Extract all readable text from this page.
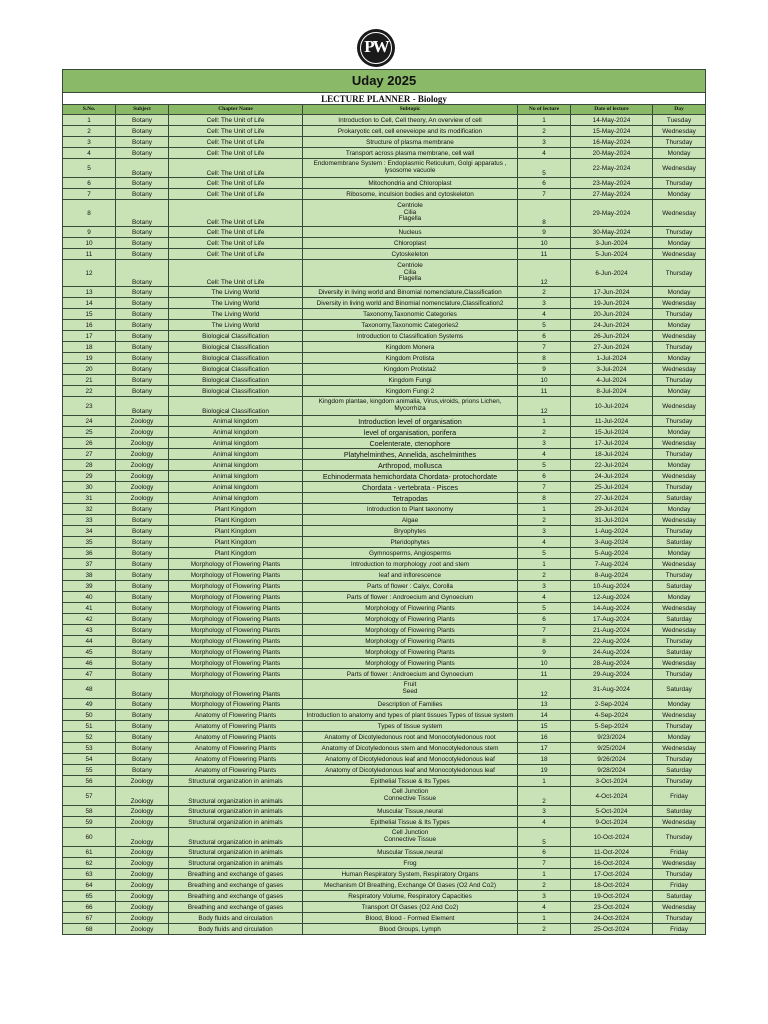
PW
Uday 2025						
LECTURE PLANNER - Biology						
S.No.	Subject	Chapter Name	Subtopic	No of lecture	Date of lecture	Day
1	Botany	Cell: The Unit of Life	Introduction to Cell, Cell theory, An overview of cell	1	14-May-2024	Tuesday
2	Botany	Cell: The Unit of Life	Prokaryotic cell, cell eneveiope and its modification	2	15-May-2024	Wednesday
3	Botany	Cell: The Unit of Life	Structure of plasma membrane	3	16-May-2024	Thursday
4	Botany	Cell: The Unit of Life	Transport across plasma membrane, cell wall	4	20-May-2024	Monday
5	Botany	Cell: The Unit of Life	Endomembrane System : Endoplasmic Reticulum, Golgi apparatus ,
lysosome vacuole	5	22-May-2024	Wednesday
6	Botany	Cell: The Unit of Life	Mitochondria and Chloroplast	6	23-May-2024	Thursday
7	Botany	Cell: The Unit of Life	Ribosome, inculsion bodies and cytoskeleton	7	27-May-2024	Monday
8	Botany	Cell: The Unit of Life	Centriole
Cilia
Flagella	8	29-May-2024	Wednesday
9	Botany	Cell: The Unit of Life	Nucleus	9	30-May-2024	Thursday
10	Botany	Cell: The Unit of Life	Chloroplast	10	3-Jun-2024	Monday
11	Botany	Cell: The Unit of Life	Cytoskeleton	11	5-Jun-2024	Wednesday
12	Botany	Cell: The Unit of Life	Centriole
Cilia
Flagella	12	6-Jun-2024	Thursday
13	Botany	The Living World	Diversity in living world and Binomial nomenclature,Classification	2	17-Jun-2024	Monday
14	Botany	The Living World	Diversity in living world and Binomial nomenclature,Classification2	3	19-Jun-2024	Wednesday
15	Botany	The Living World	Taxonomy,Taxonomic Categories	4	20-Jun-2024	Thursday
16	Botany	The Living World	Taxonomy,Taxonomic Categories2	5	24-Jun-2024	Monday
17	Botany	Biological Classification	Introduction to Classification Systems	6	26-Jun-2024	Wednesday
18	Botany	Biological Classification	Kingdom Monera	7	27-Jun-2024	Thursday
19	Botany	Biological Classification	Kingdom Protista	8	1-Jul-2024	Monday
20	Botany	Biological Classification	Kingdom Protista2	9	3-Jul-2024	Wednesday
21	Botany	Biological Classification	Kingdom Fungi	10	4-Jul-2024	Thursday
22	Botany	Biological Classification	Kingdom Fungi 2	11	8-Jul-2024	Monday
23	Botany	Biological Classification	Kingdom plantae, kingdom animalia, Virus,viroids, prions Lichen,
Mycorrhiza	12	10-Jul-2024	Wednesday
24	Zoology	Animal kingdom	Introduction level of organisation	1	11-Jul-2024	Thursday
25	Zoology	Animal kingdom	level of organisation, porifera	2	15-Jul-2024	Monday
26	Zoology	Animal kingdom	Coelenterate, ctenophore	3	17-Jul-2024	Wednesday
27	Zoology	Animal kingdom	Platyhelminthes, Annelida, aschelminthes	4	18-Jul-2024	Thursday
28	Zoology	Animal kingdom	Arthropod, mollusca	5	22-Jul-2024	Monday
29	Zoology	Animal kingdom	Echinodermata hemichordata Chordata- protochordate	6	24-Jul-2024	Wednesday
30	Zoology	Animal kingdom	Chordata - vertebrata - Pisces	7	25-Jul-2024	Thursday
31	Zoology	Animal kingdom	Tetrapodas	8	27-Jul-2024	Saturday
32	Botany	Plant Kingdom	Introduction to Plant taxonomy	1	29-Jul-2024	Monday
33	Botany	Plant Kingdom	Algae	2	31-Jul-2024	Wednesday
34	Botany	Plant Kingdom	Bryophytes	3	1-Aug-2024	Thursday
35	Botany	Plant Kingdom	Pteridophytes	4	3-Aug-2024	Saturday
36	Botany	Plant Kingdom	Gymnosperms, Angiosperms	5	5-Aug-2024	Monday
37	Botany	Morphology of Flowering Plants	Introduction to morphology ,root and stem	1	7-Aug-2024	Wednesday
38	Botany	Morphology of Flowering Plants	leaf and inflorescence	2	8-Aug-2024	Thursday
39	Botany	Morphology of Flowering Plants	Parts of flower : Calyx, Corolla	3	10-Aug-2024	Saturday
40	Botany	Morphology of Flowering Plants	Parts of flower : Androecium and Gynoecium	4	12-Aug-2024	Monday
41	Botany	Morphology of Flowering Plants	Morphology of Flowering Plants	5	14-Aug-2024	Wednesday
42	Botany	Morphology of Flowering Plants	Morphology of Flowering Plants	6	17-Aug-2024	Saturday
43	Botany	Morphology of Flowering Plants	Morphology of Flowering Plants	7	21-Aug-2024	Wednesday
44	Botany	Morphology of Flowering Plants	Morphology of Flowering Plants	8	22-Aug-2024	Thursday
45	Botany	Morphology of Flowering Plants	Morphology of Flowering Plants	9	24-Aug-2024	Saturday
46	Botany	Morphology of Flowering Plants	Morphology of Flowering Plants	10	28-Aug-2024	Wednesday
47	Botany	Morphology of Flowering Plants	Parts of flower : Androecium and Gynoecium	11	29-Aug-2024	Thursday
48	Botany	Morphology of Flowering Plants	Fruit
Seed	12	31-Aug-2024	Saturday
49	Botany	Morphology of Flowering Plants	Description of Families	13	2-Sep-2024	Monday
50	Botany	Anatomy of Flowering Plants	Introduction to anatomy and types of plant tissues Types of tissue system	14	4-Sep-2024	Wednesday
51	Botany	Anatomy of Flowering Plants	Types of tissue system	15	5-Sep-2024	Thursday
52	Botany	Anatomy of Flowering Plants	Anatomy of Dicotyledonous root and Monocotyledonous root	16	9/23/2024	Monday
53	Botany	Anatomy of Flowering Plants	Anatomy of Dicotyledonous stem and Monocotyledonous stem	17	9/25/2024	Wednesday
54	Botany	Anatomy of Flowering Plants	Anatomy of Dicotyledonous leaf and Monocotyledonous leaf	18	9/26/2024	Thursday
55	Botany	Anatomy of Flowering Plants	Anatomy of Dicotyledonous leaf and Monocotyledonous leaf	19	9/28/2024	Saturday
56	Zoology	Structural organization in animals	Epithelial Tissue & Its Types	1	3-Oct-2024	Thursday
57	Zoology	Structural organization in animals	Cell Junction
Connective Tissue	2	4-Oct-2024	Friday
58	Zoology	Structural organization in animals	Muscular Tissue,neural	3	5-Oct-2024	Saturday
59	Zoology	Structural organization in animals	Epithelial Tissue & Its Types	4	9-Oct-2024	Wednesday
60	Zoology	Structural organization in animals	Cell Junction
Connective Tissue	5	10-Oct-2024	Thursday
61	Zoology	Structural organization in animals	Muscular Tissue,neural	6	11-Oct-2024	Friday
62	Zoology	Structural organization in animals	Frog	7	16-Oct-2024	Wednesday
63	Zoology	Breathing and exchange of gases	Human Respiratory System, Respiratory Organs	1	17-Oct-2024	Thursday
64	Zoology	Breathing and exchange of gases	Mechanism Of Breathing, Exchange Of Gases (O2 And Co2)	2	18-Oct-2024	Friday
65	Zoology	Breathing and exchange of gases	Respiratory Volume, Respiratory Capacities	3	19-Oct-2024	Saturday
66	Zoology	Breathing and exchange of gases	Transport Of Gases (O2 And Co2)	4	23-Oct-2024	Wednesday
67	Zoology	Body fluids and circulation	Blood, Blood - Formed Element	1	24-Oct-2024	Thursday
68	Zoology	Body fluids and circulation	Blood Groups, Lymph	2	25-Oct-2024	Friday
